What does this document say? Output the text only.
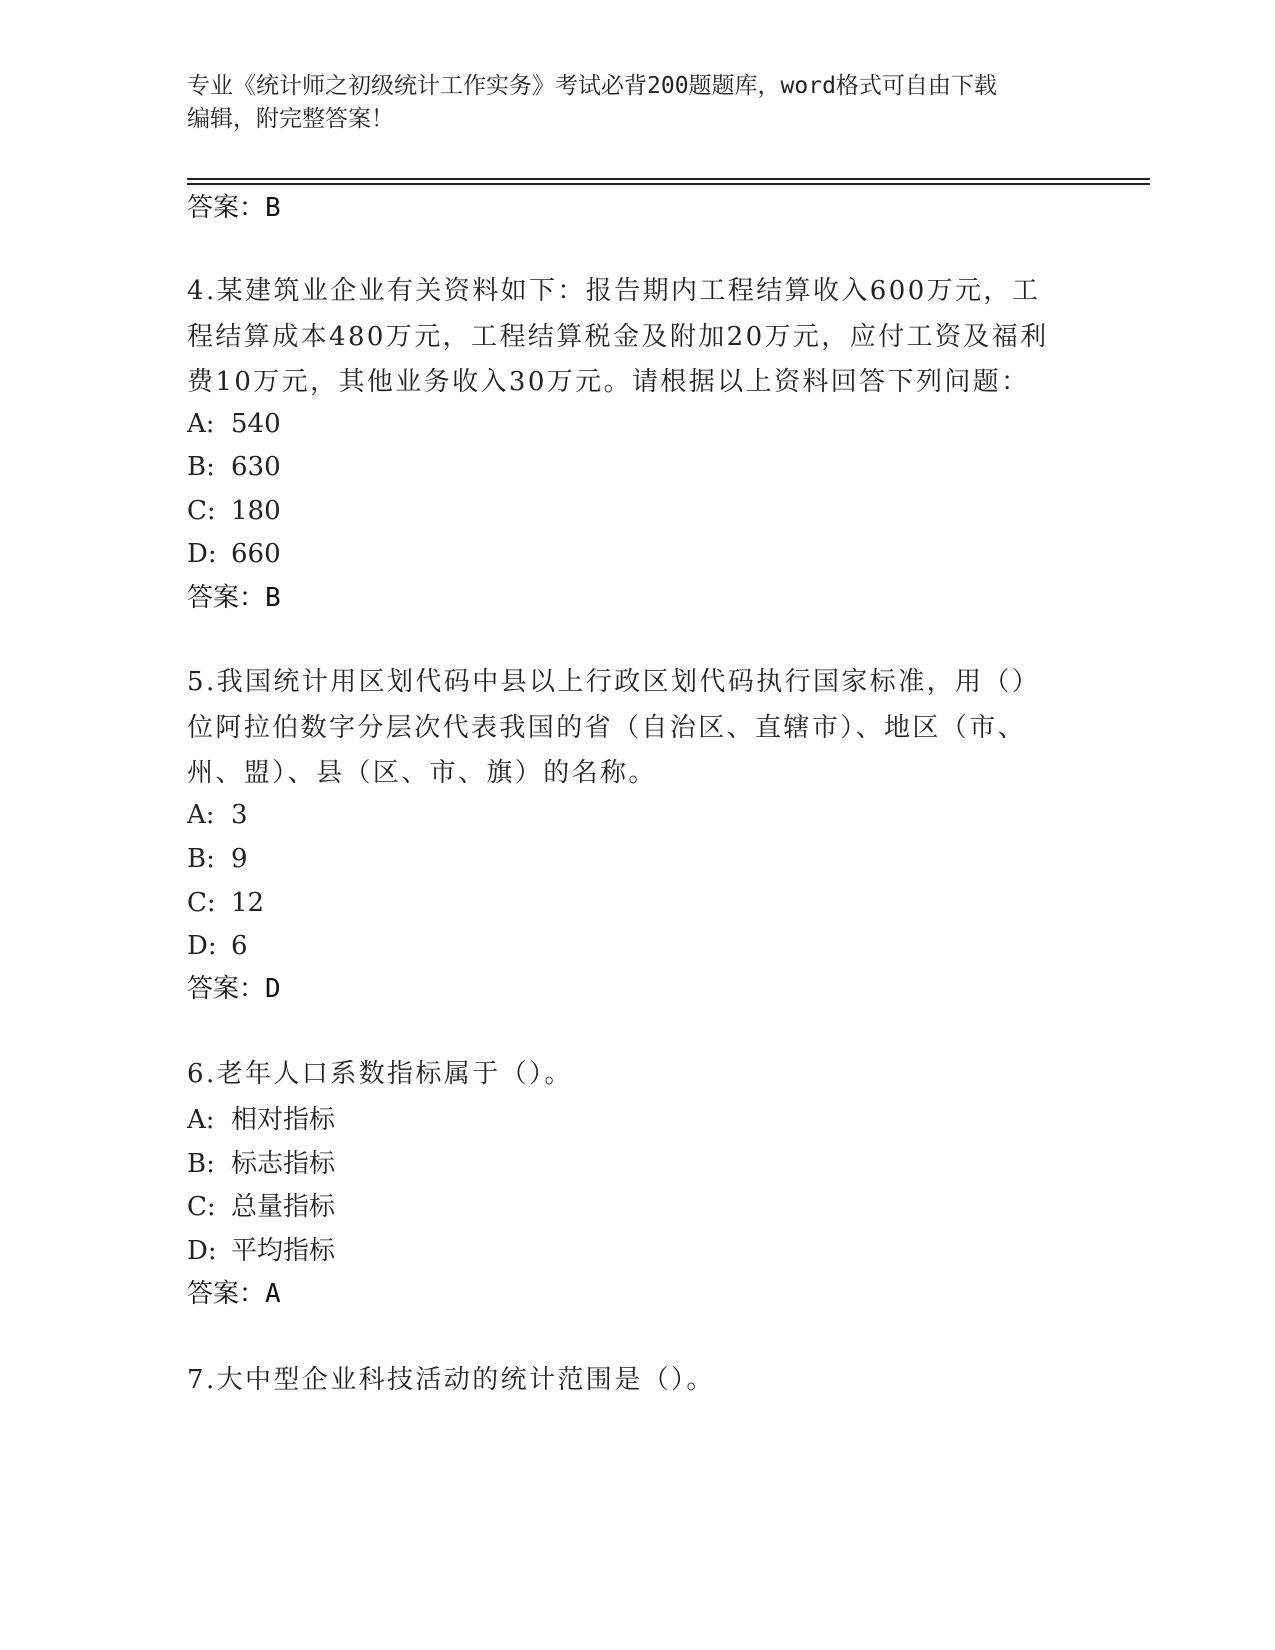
专业《统计师之初级统计工作实务》考试必背200题题库，word格式可自由下载
编辑，附完整答案！
答案：B
4.某建筑业企业有关资料如下：报告期内工程结算收入600万元，工
程结算成本480万元，工程结算税金及附加20万元，应付工资及福利
费10万元，其他业务收入30万元。请根据以上资料回答下列问题：
A: 540
B: 630
C: 180
D: 660
答案：B
5.我国统计用区划代码中县以上行政区划代码执行国家标准，用（）
位阿拉伯数字分层次代表我国的省（自治区、直辖市）、地区（市、
州、盟）、县（区、市、旗）的名称。
A: 3
B: 9
C: 12
D: 6
答案：D
6.老年人口系数指标属于（）。
A: 相对指标
B: 标志指标
C: 总量指标
D: 平均指标
答案：A
7.大中型企业科技活动的统计范围是（）。
